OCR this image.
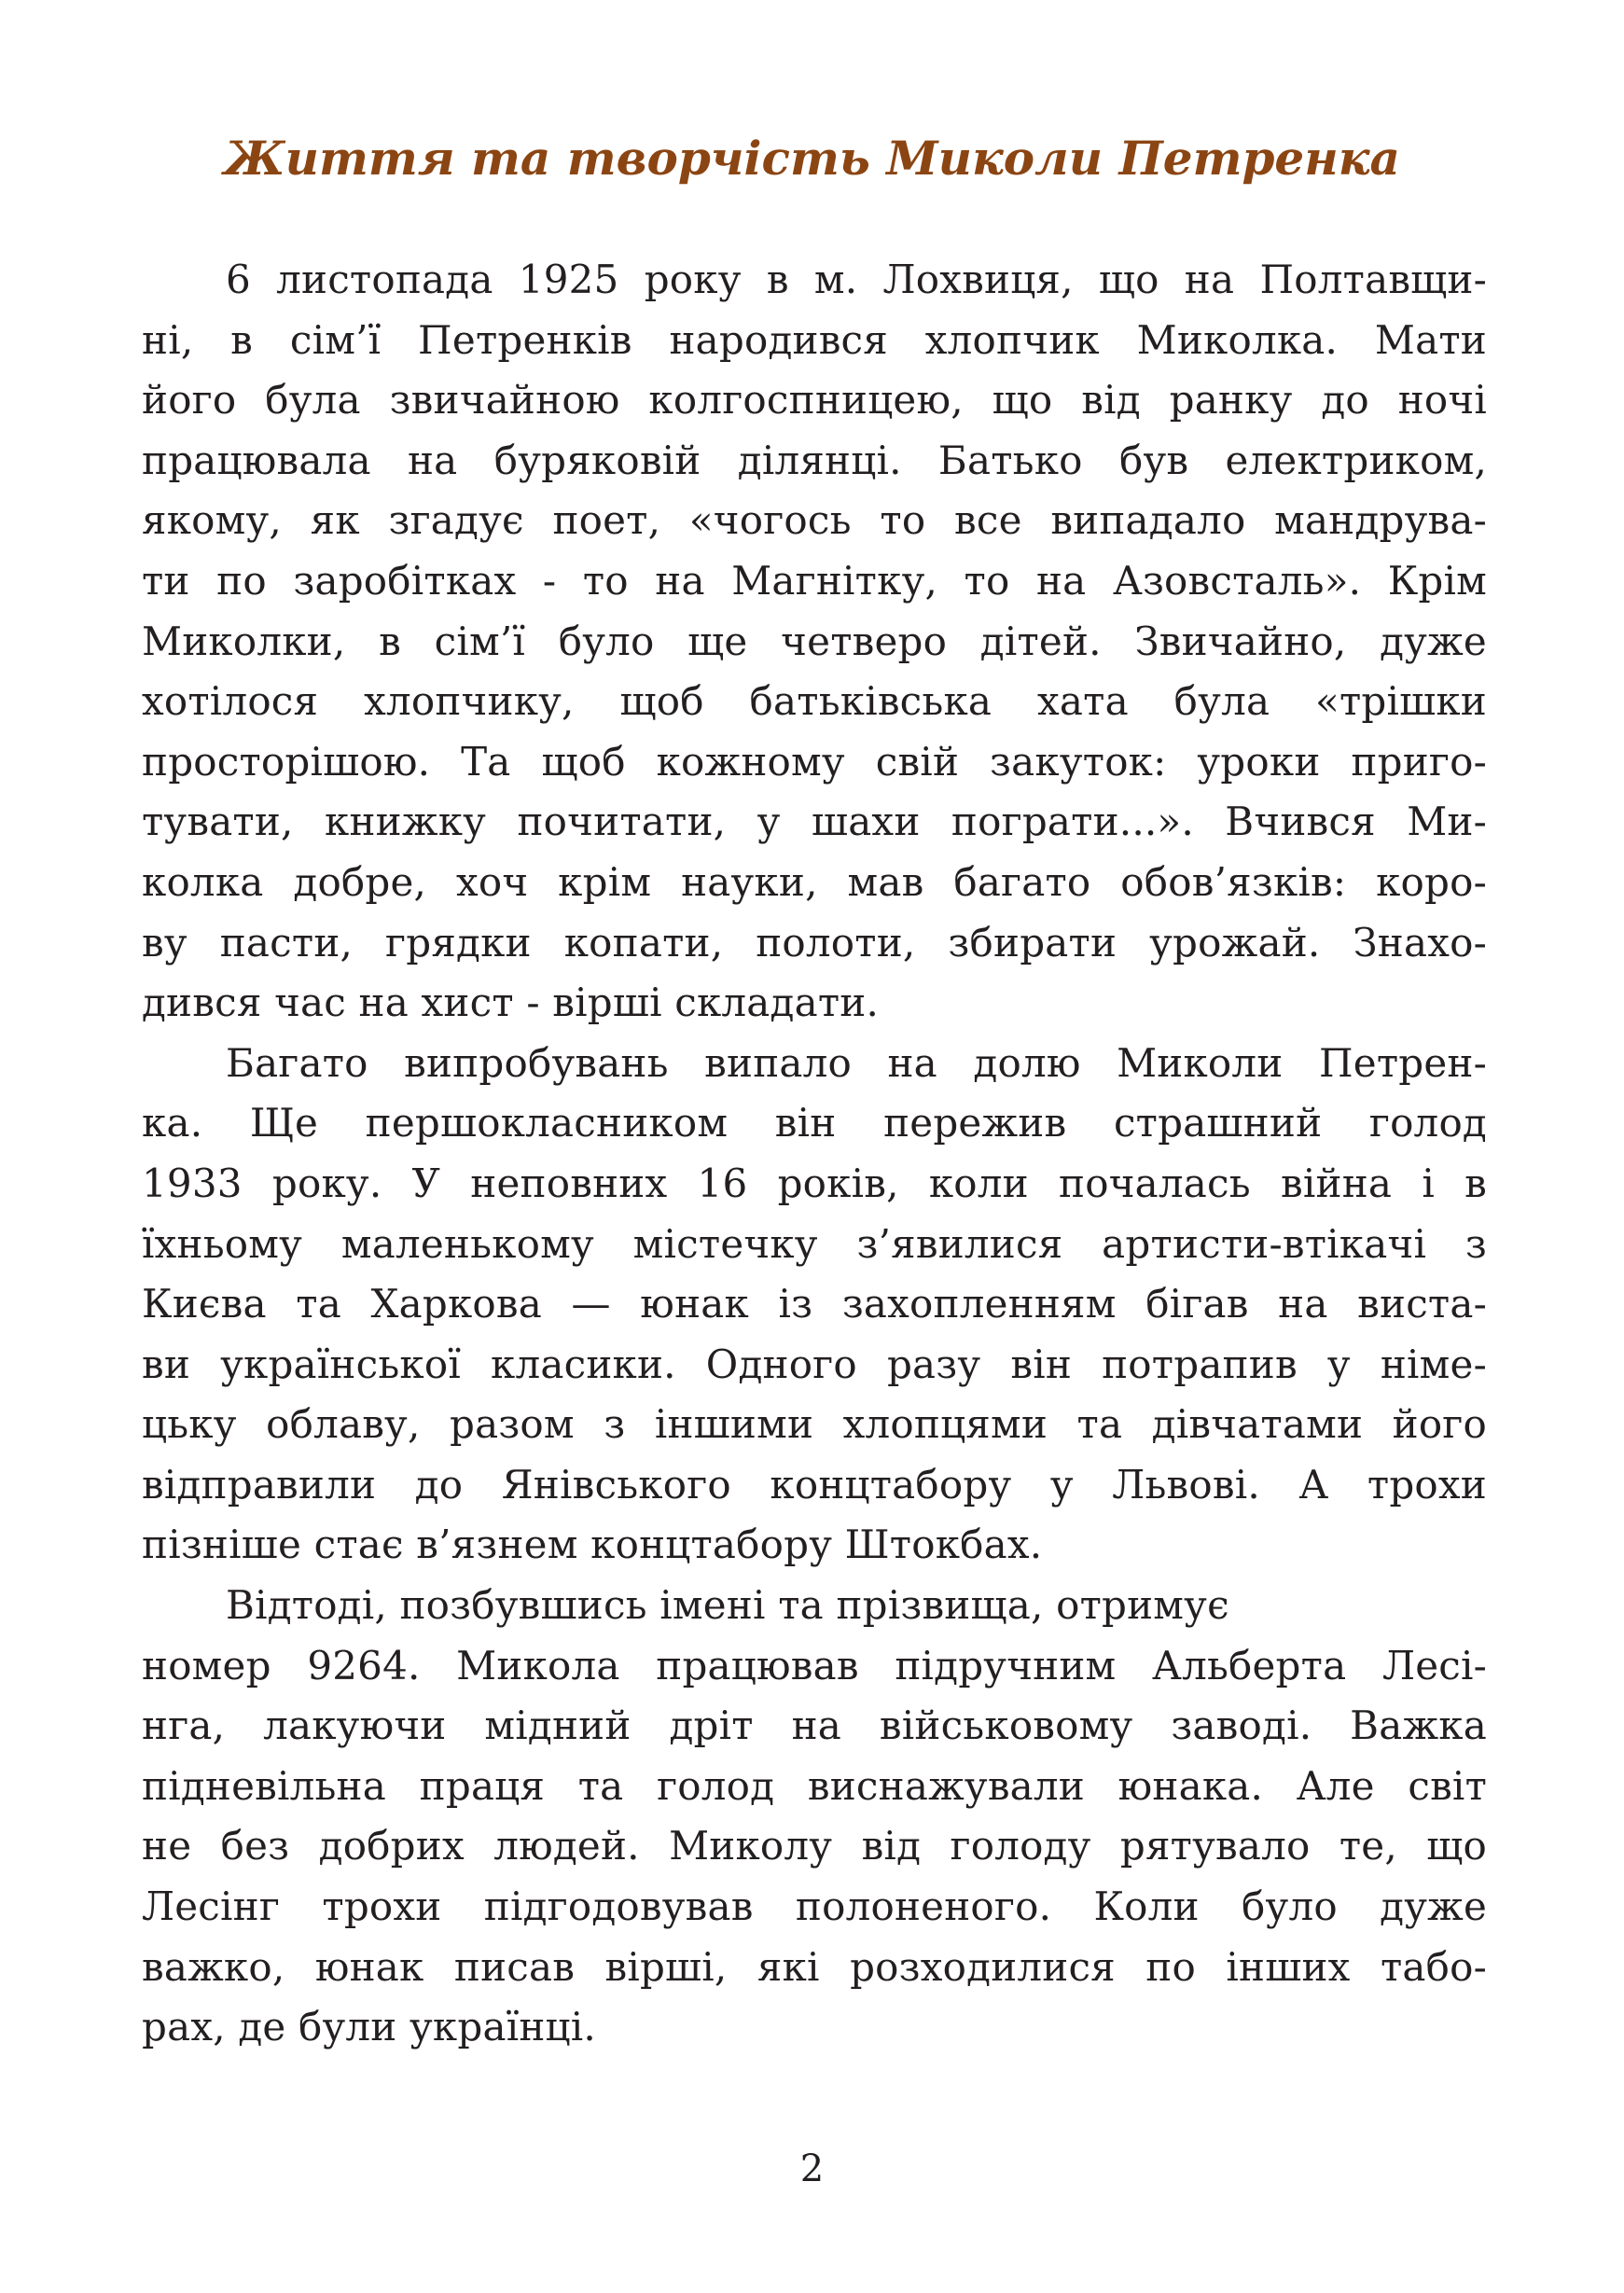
Життя та творчість Миколи Петренка
6 листопада 1925 року в м. Лохвиця, що на Полтавщи-
ні, в сім’ї Петренків народився хлопчик Миколка. Мати
його була звичайною колгоспницею, що від ранку до ночі
працювала на буряковій ділянці. Батько був електриком,
якому, як згадує поет, «чогось то все випадало мандрува-
ти по заробітках - то на Магнітку, то на Азовсталь». Крім
Миколки, в сім’ї було ще четверо дітей. Звичайно, дуже
хотілося хлопчику, щоб батьківська хата була «трішки
просторішою. Та щоб кожному свій закуток: уроки приго-
тувати, книжку почитати, у шахи пограти...». Вчився Ми-
колка добре, хоч крім науки, мав багато обов’язків: коро-
ву пасти, грядки копати, полоти, збирати урожай. Знахо-
дився час на хист - вірші складати.
Багато випробувань випало на долю Миколи Петрен-
ка. Ще першокласником він пережив страшний голод
1933 року. У неповних 16 років, коли почалась війна і в
їхньому маленькому містечку з’явилися артисти-втікачі з
Києва та Харкова — юнак із захопленням бігав на виста-
ви української класики. Одного разу він потрапив у німе-
цьку облаву, разом з іншими хлопцями та дівчатами його
відправили до Янівського концтабору у Львові. А трохи
пізніше стає в’язнем концтабору Штокбах.
Відтоді, позбувшись імені та прізвища, отримує
номер 9264. Микола працював підручним Альберта Лесі-
нга, лакуючи мідний дріт на військовому заводі. Важка
підневільна праця та голод виснажували юнака. Але світ
не без добрих людей. Миколу від голоду рятувало те, що
Лесінг трохи підгодовував полоненого. Коли було дуже
важко, юнак писав вірші, які розходилися по інших табо-
рах, де були українці.
2
